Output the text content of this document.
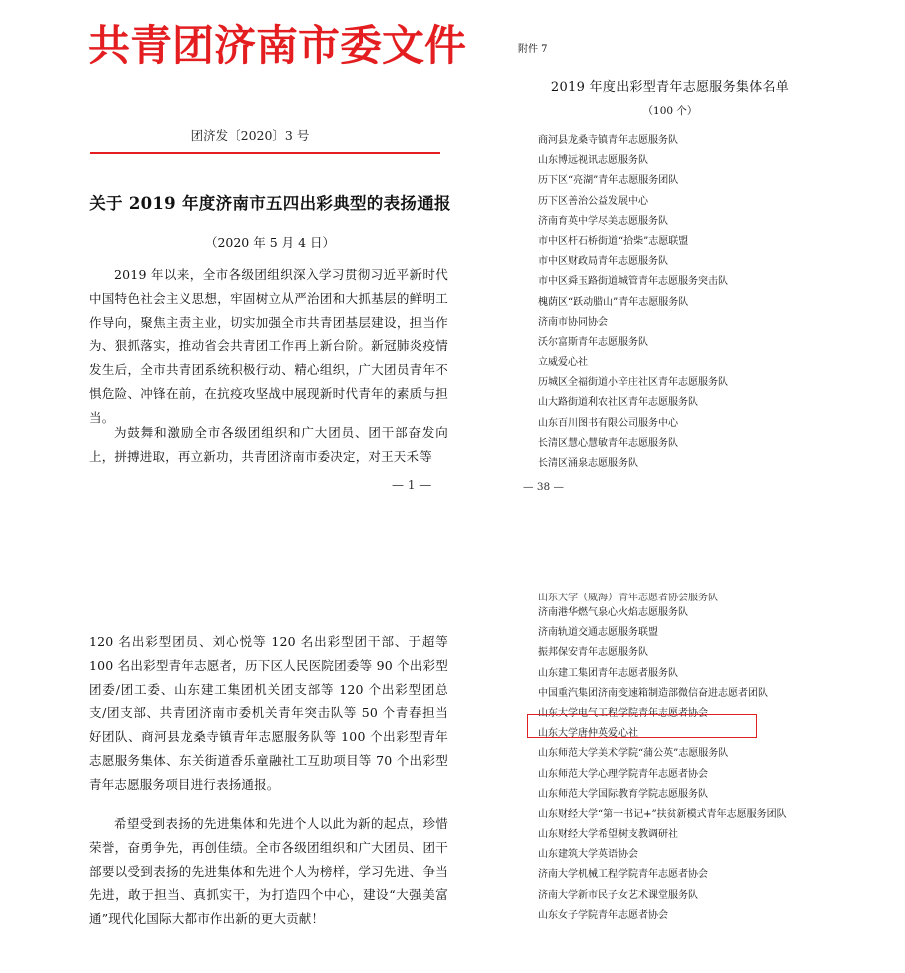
共青团济南市委文件
团济发〔2020〕3 号
关于 2019 年度济南市五四出彩典型的表扬通报
（2020 年 5 月 4 日）
2019 年以来，全市各级团组织深入学习贯彻习近平新时代中国特色社会主义思想，牢固树立从严治团和大抓基层的鲜明工作导向，聚焦主责主业，切实加强全市共青团基层建设，担当作为、狠抓落实，推动省会共青团工作再上新台阶。新冠肺炎疫情发生后，全市共青团系统积极行动、精心组织，广大团员青年不惧危险、冲锋在前，在抗疫攻坚战中展现新时代青年的素质与担当。
为鼓舞和激励全市各级团组织和广大团员、团干部奋发向上，拼搏进取，再立新功，共青团济南市委决定，对王天禾等
— 1 —
120 名出彩型团员、刘心悦等 120 名出彩型团干部、于超等 100 名出彩型青年志愿者，历下区人民医院团委等 90 个出彩型团委/团工委、山东建工集团机关团支部等 120 个出彩型团总支/团支部、共青团济南市委机关青年突击队等 50 个青春担当好团队、商河县龙桑寺镇青年志愿服务队等 100 个出彩型青年志愿服务集体、东关街道香乐童融社工互助项目等 70 个出彩型青年志愿服务项目进行表扬通报。
希望受到表扬的先进集体和先进个人以此为新的起点，珍惜荣誉，奋勇争先，再创佳绩。全市各级团组织和广大团员、团干部要以受到表扬的先进集体和先进个人为榜样，学习先进、争当先进，敢于担当、真抓实干，为打造四个中心，建设“大强美富通”现代化国际大都市作出新的更大贡献！
附件 7
2019 年度出彩型青年志愿服务集体名单
（100 个）
商河县龙桑寺镇青年志愿服务队
山东博远视讯志愿服务队
历下区“亮湖”青年志愿服务团队
历下区善治公益发展中心
济南育英中学尽美志愿服务队
市中区杆石桥街道“拾柴”志愿联盟
市中区财政局青年志愿服务队
市中区舜玉路街道城管青年志愿服务突击队
槐荫区“跃动腊山”青年志愿服务队
济南市协同协会
沃尔富斯青年志愿服务队
立威爱心社
历城区全福街道小辛庄社区青年志愿服务队
山大路街道利农社区青年志愿服务队
山东百川图书有限公司服务中心
长清区慧心慧敏青年志愿服务队
长清区涌泉志愿服务队
— 38 —
山东大学（威海）青年志愿者协会服务队
济南港华燃气泉心火焰志愿服务队
济南轨道交通志愿服务联盟
振邦保安青年志愿服务队
山东建工集团青年志愿者服务队
中国重汽集团济南变速箱制造部微信奋进志愿者团队
山东大学电气工程学院青年志愿者协会
山东大学唐仲英爱心社
山东师范大学美术学院“蒲公英”志愿服务队
山东师范大学心理学院青年志愿者协会
山东师范大学国际教育学院志愿服务队
山东财经大学“第一书记+”扶贫新模式青年志愿服务团队
山东财经大学希望树支教调研社
山东建筑大学英语协会
济南大学机械工程学院青年志愿者协会
济南大学新市民子女艺术课堂服务队
山东女子学院青年志愿者协会
